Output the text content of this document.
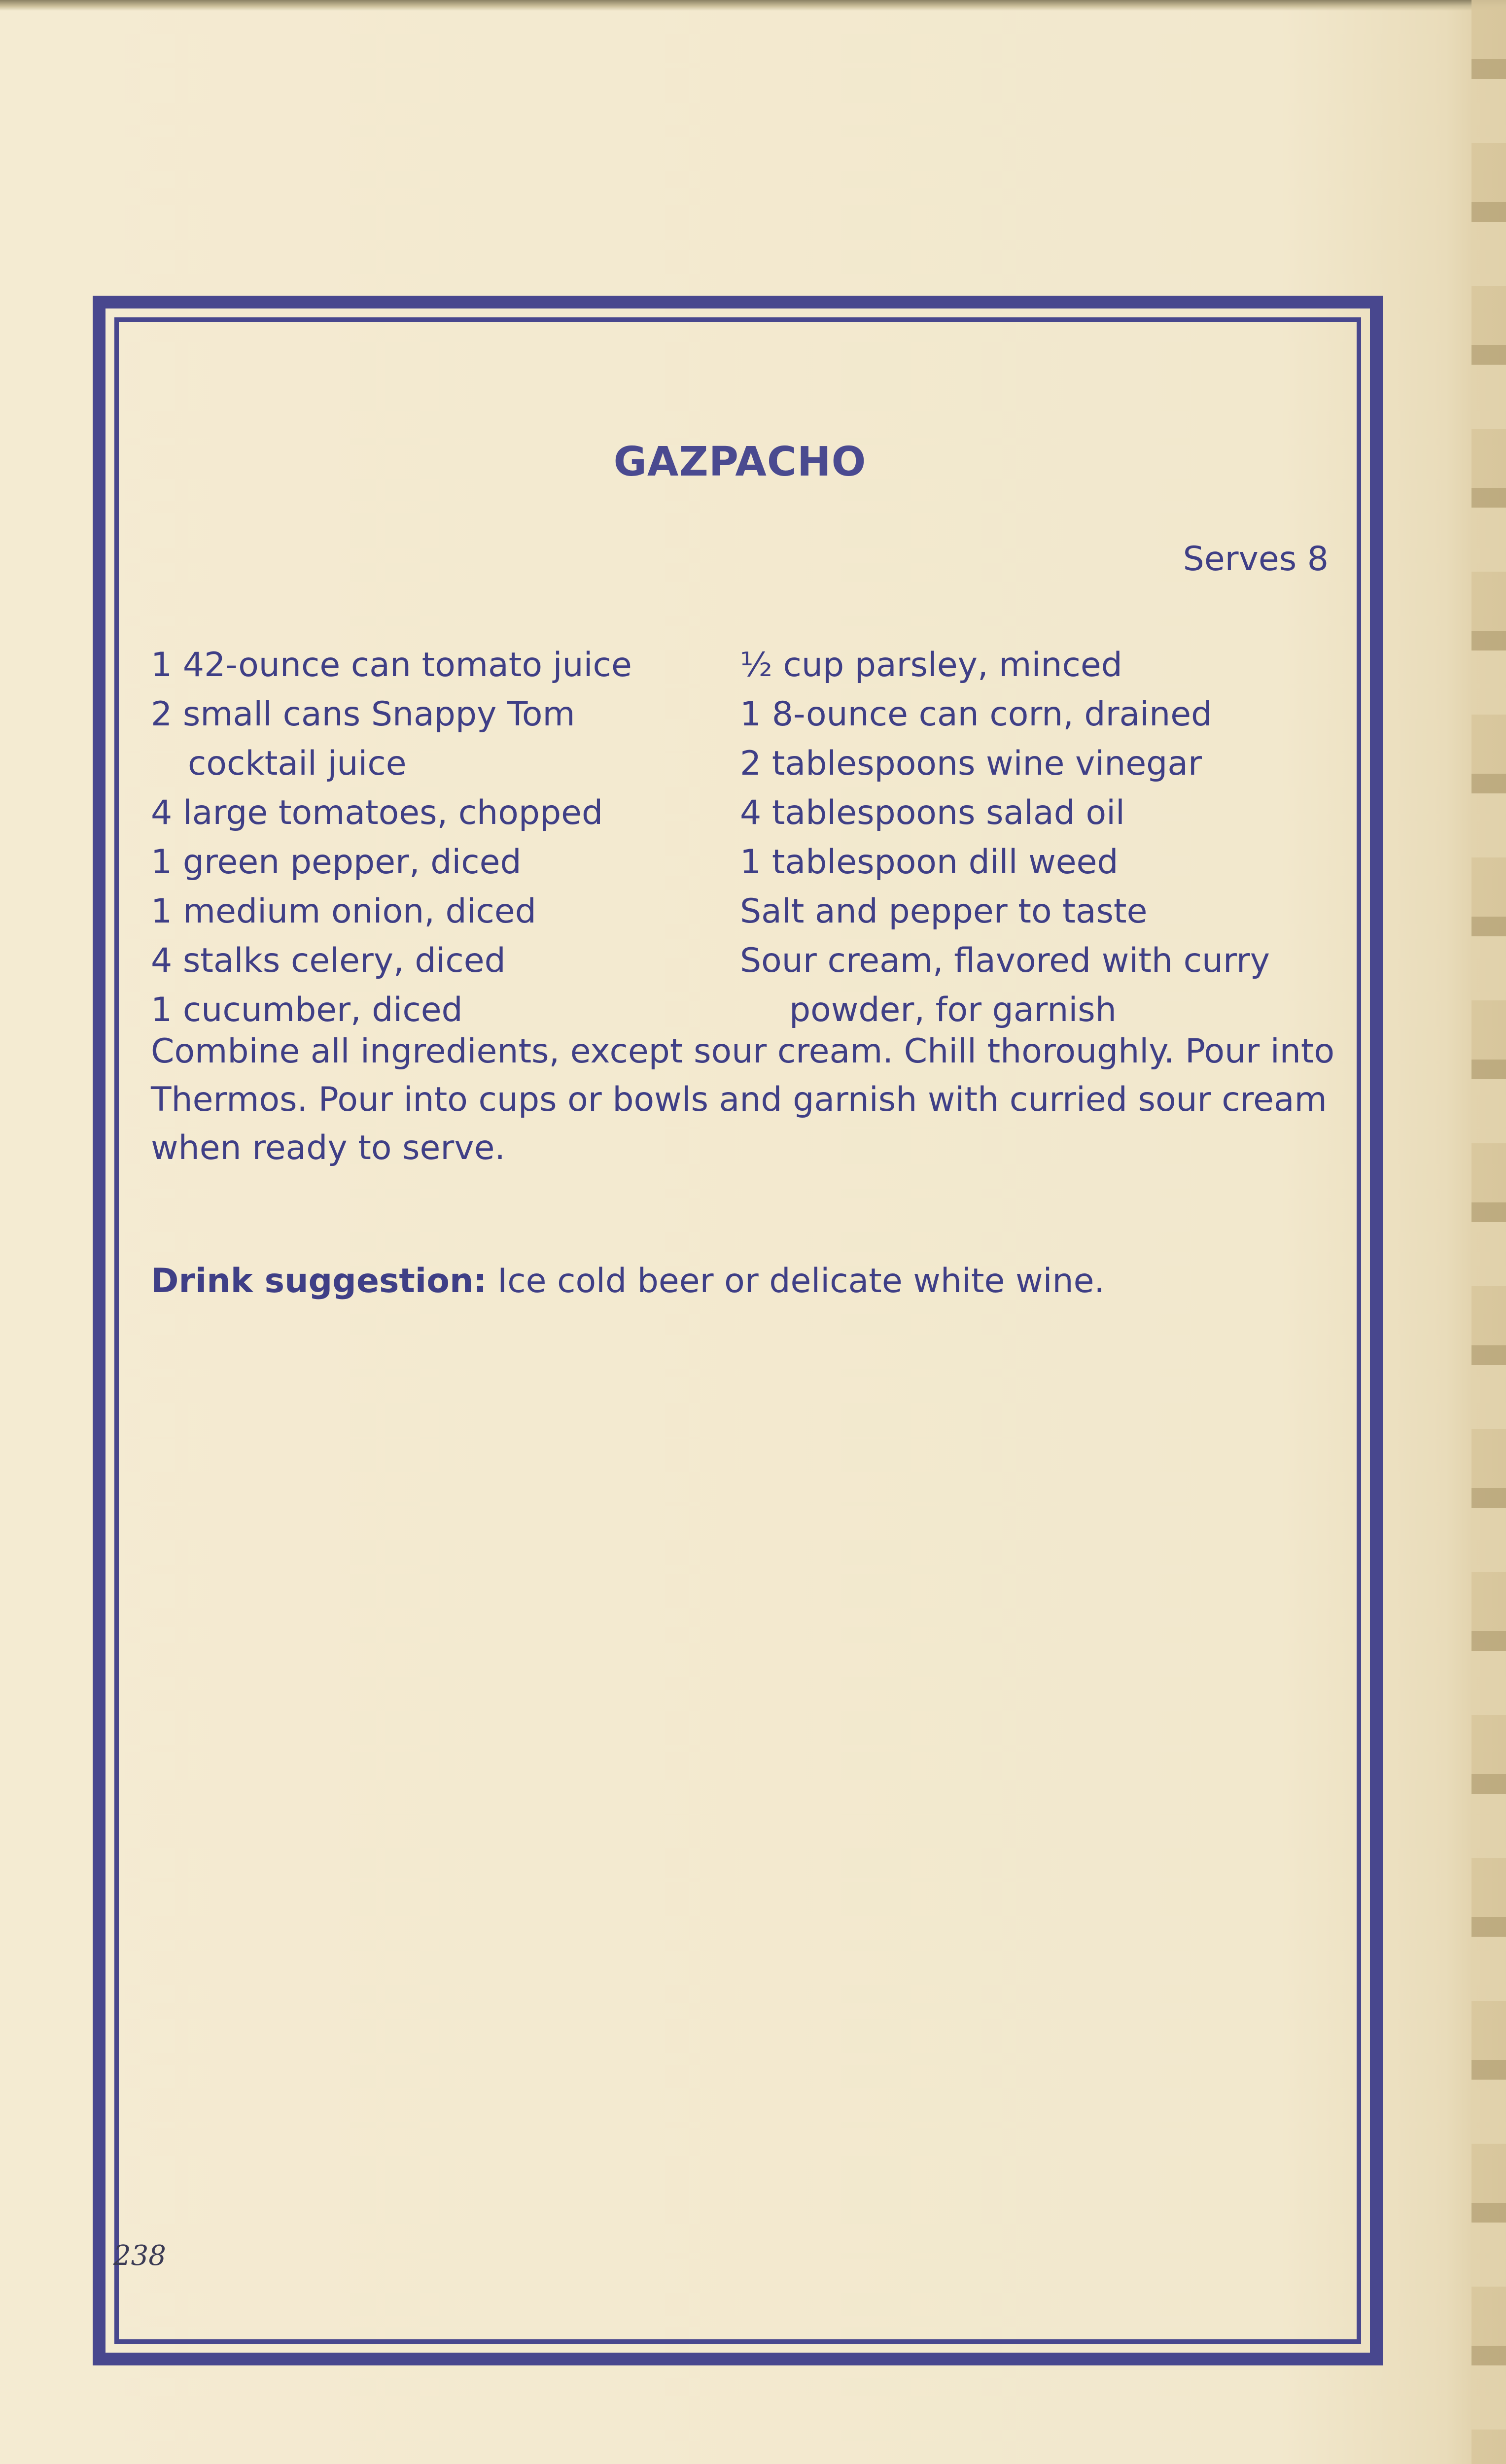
GAZPACHO
Serves 8
1 42-ounce can tomato juice
2 small cans Snappy Tom
cocktail juice
4 large tomatoes, chopped
1 green pepper, diced
1 medium onion, diced
4 stalks celery, diced
1 cucumber, diced
½ cup parsley, minced
1 8-ounce can corn, drained
2 tablespoons wine vinegar
4 tablespoons salad oil
1 tablespoon dill weed
Salt and pepper to taste
Sour cream, flavored with curry
powder, for garnish
Combine all ingredients, except sour cream. Chill thoroughly. Pour into Thermos. Pour into cups or bowls and garnish with curried sour cream when ready to serve.
Drink suggestion: Ice cold beer or delicate white wine.
238
